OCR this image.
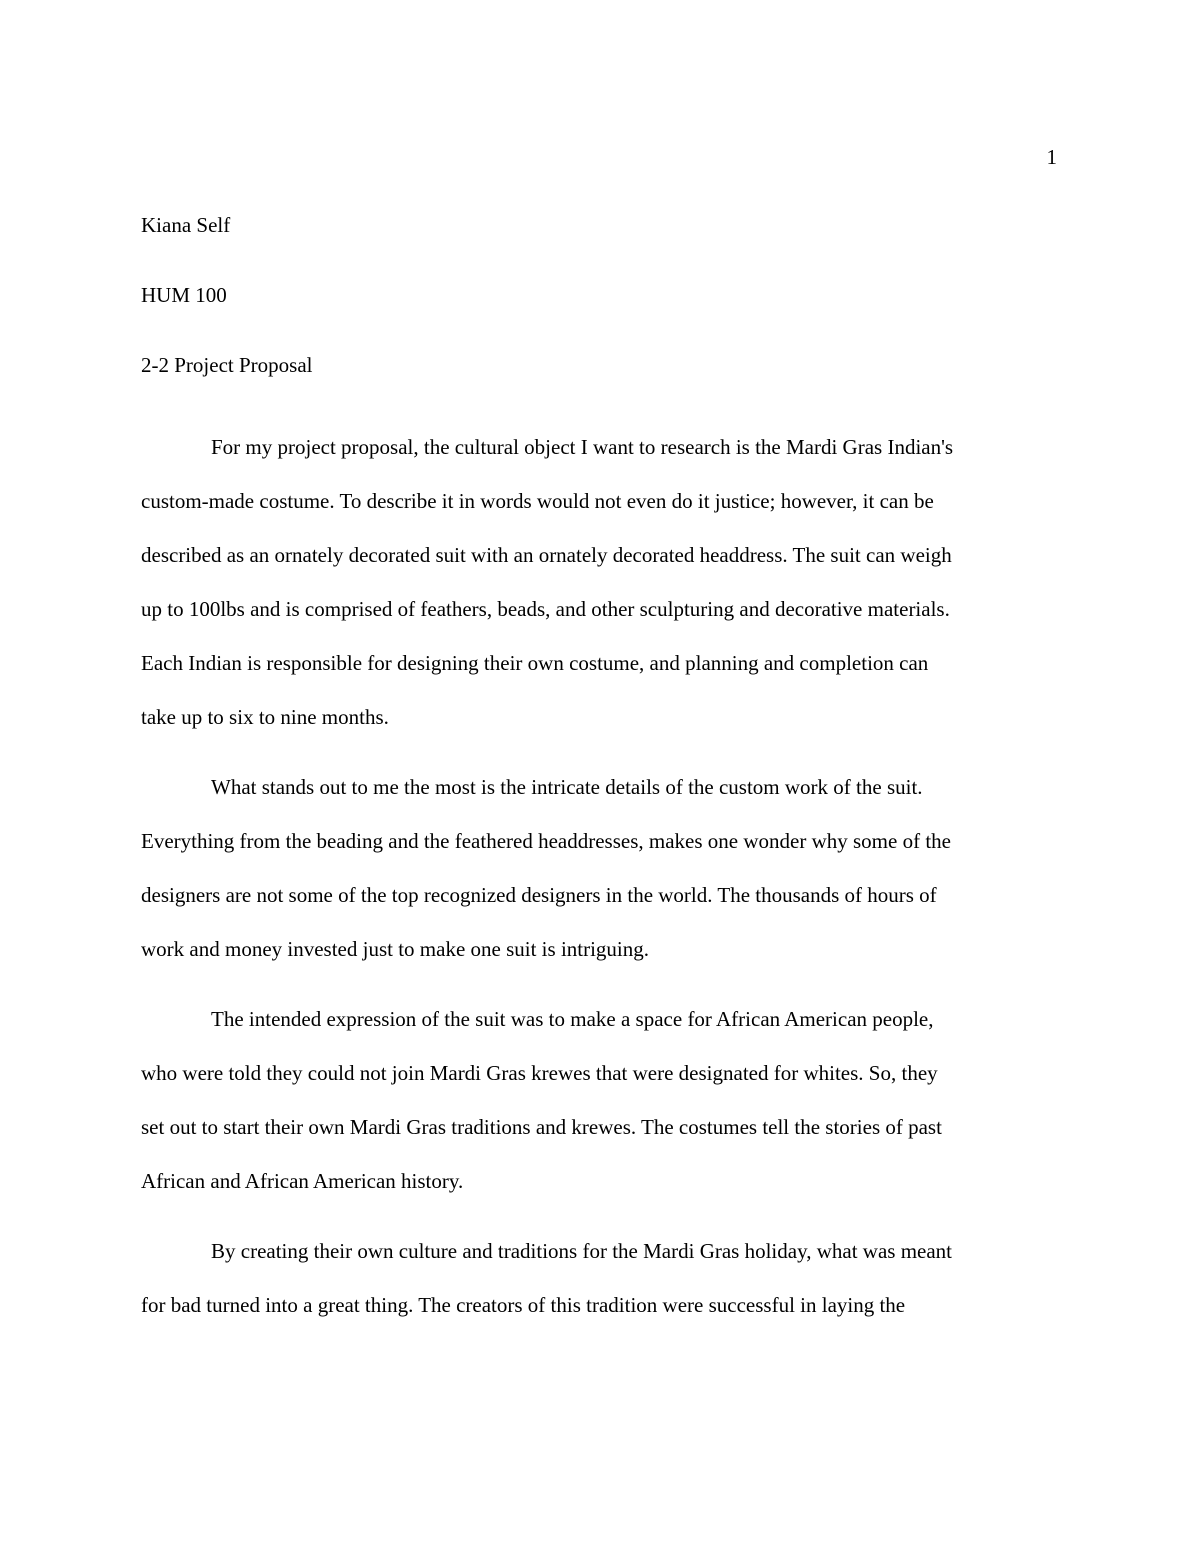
1
Kiana Self
HUM 100
2-2 Project Proposal
For my project proposal, the cultural object I want to research is the Mardi Gras Indian's
custom-made costume. To describe it in words would not even do it justice; however, it can be
described as an ornately decorated suit with an ornately decorated headdress. The suit can weigh
up to 100lbs and is comprised of feathers, beads, and other sculpturing and decorative materials.
Each Indian is responsible for designing their own costume, and planning and completion can
take up to six to nine months.
What stands out to me the most is the intricate details of the custom work of the suit.
Everything from the beading and the feathered headdresses, makes one wonder why some of the
designers are not some of the top recognized designers in the world. The thousands of hours of
work and money invested just to make one suit is intriguing.
The intended expression of the suit was to make a space for African American people,
who were told they could not join Mardi Gras krewes that were designated for whites. So, they
set out to start their own Mardi Gras traditions and krewes. The costumes tell the stories of past
African and African American history.
By creating their own culture and traditions for the Mardi Gras holiday, what was meant
for bad turned into a great thing. The creators of this tradition were successful in laying the
